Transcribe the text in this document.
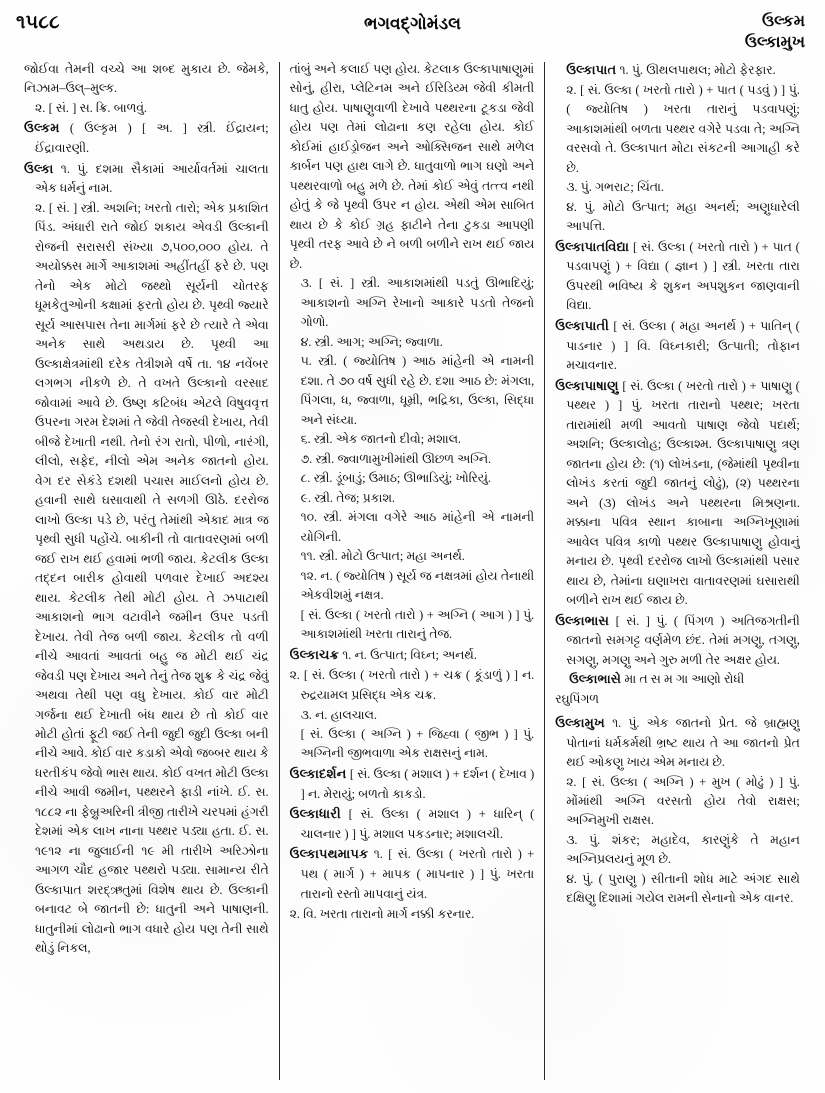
૧૫૮૮	ભગવદ્ગોમંડલ	ઉલ્કમ
ઉલ્કામુખ

જોઈવા તેમની વચ્ચે આ શબ્દ મુકાય છે. જેમકે, નિઝામ–ઉલ્‌–મુલ્ક.

૨. [ સં. ] સ. ક્રિ. બાળવું.

ઉલ્કમ ( ઉલ્કૃમ ) [ અ. ] સ્ત્રી. ઈંદ્રાયન; ઈંદ્રાવારણી.

ઉલ્કા ૧. પું. દશમા સૈકામાં આર્યાવર્તમાં ચાલતા એક ધર્મનું નામ.

૨. [ સં. ] સ્ત્રી. અશનિ; ખરતો તારો; એક પ્રકાશિત પિંડ. અંધારી રાતે જોઈ શકાય એવડી ઉલ્કાની રોજની સરાસરી સંખ્યા ૭,૫૦૦,૦૦૦ હોય. તે અયોક્કસ માર્ગે આકાશમાં અહીંતહીં ફરે છે. પણ તેનો એક મોટો જથ્થો સૂર્યની ચોતરફ ધૂમકેતુઓની કક્ષામાં ફરતો હોય છે. પૃથ્વી જ્યારે સૂર્ય આસપાસ તેના માર્ગમાં ફરે છે ત્યારે તે એવા અનેક સાથે અથડાય છે. પૃથ્વી આ ઉલ્કાક્ષેત્રમાંથી દરેક તેત્રીશમે વર્ષે તા. ૧૪ નવેંબર લગભગ નીકળે છે. તે વખતે ઉલ્કાનો વરસાદ જોવામાં આવે છે. ઉષ્ણ કટિબંધ એટલે વિષુવવૃત્ત ઉપરના ગરમ દેશમાં તે જેવી તેજસ્વી દેખાય, તેવી બીજે દેખાતી નથી. તેનો રંગ રાતો, પીળો, નારંગી, લીલો, સફેદ, નીલો એમ અનેક જાતનો હોય. વેગ દર સેકંડે દશથી પચાસ માઈલનો હોય છે. હવાની સાથે ઘસાવાથી તે સળગી ઊઠે. દરરોજ લાખો ઉલ્કા પડે છે, પરંતુ તેમાંથી એકાદ માત્ર જ પૃથ્વી સુધી પહોંચે. બાકીની તો વાતાવરણમાં બળી જઈ રાખ થઈ હવામાં ભળી જાય. કેટલીક ઉલ્કા તદ્દન બારીક હોવાથી પળવાર દેખાઈ અદશ્ય થાય. કેટલીક તેથી મોટી હોય. તે ઝપાટાથી આકાશનો ભાગ વટાવીને જમીન ઉપર પડતી દેખાય. તેવી તેજ બળી જાય. કેટલીક તો વળી નીચે આવતાં આવતાં બહુ જ મોટી થઈ ચંદ્ર જેવડી પણ દેખાય અને તેનું તેજ શુક્ર કે ચંદ્ર જેવું અથવા તેથી પણ વધુ દેખાય. કોઈ વાર મોટી ગર્જના થઈ દેખાતી બંધ થાય છે તો કોઈ વાર મોટી હોતાં ફૂટી જઈ તેની જુદી જુદી ઉલ્કા બની નીચે આવે. કોઈ વાર કડાકો એવો જબ્બર થાય કે ધરતીકંપ જેવો ભાસ થાય. કોઈ વખત મોટી ઉલ્કા નીચે આવી જમીન, પથ્થરને ફાડી નાંખે. ઈ. સ. ૧૮૮૨ ના ફેબ્રુઅરિની ત્રીજી તારીખે ચરપમાં હંગરી દેશમાં એક લાખ નાના પથ્થર પડ્યા હતા. ઈ. સ. ૧૯૧૨ ના જુલાઈની ૧૯ મી તારીખે અરિઝોના આગળ ચૌદ હજાર પથ્થરો પડ્યા. સામાન્ય રીતે ઉલ્કાપાત શરદ્ઋતુમાં વિશેષ થાય છે. ઉલ્કાની બનાવટ બે જાતની છે: ધાતુની અને પાષાણની. ધાતુનીમાં લોઢાનો ભાગ વધારે હોય પણ તેની સાથે થોડું નિકલ,

તાંબું અને કલાઈ પણ હોય. કેટલાક ઉલ્કાપાષાણુમાં સોનું, હીરા, પ્લેટિનમ અને ઈરિડિય્મ જેવી કીમતી ધાતુ હોય. પાષાણુવાળી દેખાવે પથ્થરના ટૂકડા જેવી હોય પણ તેમાં લોઢાના કણ રહેલા હોય. કોઈ કોઈમાં હાઈડ્રોજન અને ઓક્સિજન સાથે મળેલ કાર્બન પણ હાથ લાગે છે. ધાતુવાળો ભાગ ઘણો અને પથ્થરવાળો બહુ મળે છે. તેમાં કોઈ એવું તત્ત્વ નથી હોતું કે જે પૃથ્વી ઉપર ન હોય. એથી એમ સાબિત થાય છે કે કોઈ ગ્રહ ફાટીને તેના ટુકડા આપણી પૃથ્વી તરફ આવે છે ને બળી બળીને રાખ થઈ જાય છે.

૩. [ સં. ] સ્ત્રી. આકાશમાંથી પડતું ઊભાદિયું; આકાશનો અગ્નિ રેખાનો આકારે પડતો તેજનો ગોળો.

૪. સ્ત્રી. આગ; અગ્નિ; જ્વાળા.

૫. સ્ત્રી. ( જ્યોતિષ ) આઠ માંહેની એ નામની દશા. તે ૭૦ વર્ષ સુધી રહે છે. દશા આઠ છે: મંગલા, પિંગલા, ધ, જ્વાળા, ધૂમ્રી, ભદ્રિકા, ઉલ્કા, સિદ્ધા અને સંધ્યા.

૬. સ્ત્રી. એક જાતનો દીવો; મશાલ.

૭. સ્ત્રી. જ્વાળામુખીમાંથી ઊછળ અગ્નિ.

૮. સ્ત્રી. ડૂંબાડું; ઉમાઠ; ઊભાડિયું; ખોરિયું.

૯. સ્ત્રી. તેજ; પ્રકાશ.

૧૦. સ્ત્રી. મંગલા વગેરે આઠ માંહેની એ નામની યોગિની.

૧૧. સ્ત્રી. મોટો ઉત્પાત; મહા અનર્થ.

૧૨. ન. ( જ્યોતિષ ) સૂર્ય જ નક્ષત્રમાં હોય તેનાથી એકવીશમું નક્ષત્ર.

[ સં. ઉલ્કા ( ખરતો તારો ) + અગ્નિ ( આગ ) ] પું. આકાશમાંથી ખરતા તારાનું તેજ.

ઉલ્કાચક્ર ૧. ન. ઉત્પાત; વિઘ્ન; અનર્થ.

૨. [ સં. ઉલ્કા ( ખરતો તારો ) + ચક્ર ( કૂંડાળું ) ] ન. રુદ્રયામલ પ્રસિદ્ધ એક ચક્ર.

૩. ન. હાલચાલ.

[ સં. ઉલ્કા ( અગ્નિ ) + જિહ્વા ( જીભ ) ] પું. અગ્નિની જીભવાળા એક રાક્ષસનું નામ.

ઉલ્કાદર્શન [ સં. ઉલ્કા ( મશાલ ) + દર્શન ( દેખાવ ) ] ન. મેરાયું; બળતો કાકડો.

ઉલ્કાધારી [ સં. ઉલ્કા ( મશાલ ) + ધારિન્ ( ચાલનાર ) ] પું. મશાલ પકડનાર; મશાલચી.

ઉલ્કાપથમાપક ૧. [ સં. ઉલ્કા ( ખરતો તારો ) + પથ ( માર્ગ ) + માપક ( માપનાર ) ] પું. ખરતા તારાનો રસ્તો માપવાનું યંત્ર.

૨. વિ. ખરતા તારાનો માર્ગ નક્કી કરનાર.

ઉલ્કાપાત ૧. પું. ઊથલપાથલ; મોટો ફેરફાર.

૨. [ સં. ઉલ્કા ( ખરતો તારો ) + પાત ( પડવું ) ] પું. ( જ્યોતિષ ) ખરતા તારાનું પડવાપણું; આકાશમાંથી બળતા પથ્થર વગેરે પડવા તે; અગ્નિ વરસવો તે. ઉલ્કાપાત મોટા સંકટની આગાહી કરે છે.

૩. પું. ગભરાટ; ચિંતા.

૪. પું. મોટો ઉત્પાત; મહા અનર્થ; અણુધારેલી આપત્તિ.

ઉલ્કાપાતવિદ્યા [ સં. ઉલ્કા ( ખરતો તારો ) + પાત ( પડવાપણું ) + વિદ્યા ( જ્ઞાન ) ] સ્ત્રી. ખરતા તારા ઉપરથી ભવિષ્ય કે શુકન અપશુકન જાણવાની વિદ્યા.

ઉલ્કાપાતી [ સં. ઉલ્કા ( મહા અનર્થ ) + પાતિન્ ( પાડનાર ) ] વિ. વિઘ્નકારી; ઉત્પાતી; તોફાન મચાવનાર.

ઉલ્કાપાષાણુ [ સં. ઉલ્કા ( ખરતો તારો ) + પાષાણુ ( પથ્થર ) ] પું. ખરતા તારાનો પથ્થર; ખરતા તારામાંથી મળી આવતો પાષાણ જેવો પદાર્થ; અશનિ; ઉલ્કાલોહ; ઉલ્કાશ્મ. ઉલ્કાપાષાણુ ત્રણ જાતના હોય છે: (૧) લોખંડના, (જેમાંથી પૃથ્વીના લોખંડ કરતાં જુદી જાતનું લોઢું), (૨) પથ્થરના અને (૩) લોખંડ અને પથ્થરના મિશ્રણના. મક્કાના પવિત્ર સ્થાન કાબાના અગ્નિખૂણામાં આવેલ પવિત્ર કાળો પથ્થર ઉલ્કાપાષાણુ હોવાનું મનાય છે. પૃથ્વી દરરોજ લાખો ઉલ્કામાંથી પસાર થાય છે, તેમાંના ઘણાખરા વાતાવરણમાં ઘસારાથી બળીને રાખ થઈ જાય છે.

ઉલ્કાભાસ [ સં. ] પું. ( પિંગળ ) અતિજગતીની જાતનો સમગટ્ટ વર્ણમેળ છંદ. તેમાં મગણુ, તગણુ, સગણુ, મગણુ અને ગુરુ મળી તેર અક્ષર હોય.

ઉલ્કાભાસે મા ત સ મ ગા આણો રોધી

રઘુપિંગળ

ઉલ્કામુખ ૧. પું. એક જાતનો પ્રેત. જે બ્રાહ્મણુ પોતાનાં ધર્મકર્મથી ભ્રષ્ટ થાય તે આ જાતનો પ્રેત થઈ ઓકણુ ખાય એમ મનાય છે.

૨. [ સં. ઉલ્કા ( અગ્નિ ) + મુખ ( મોઢું ) ] પું. મોંમાંથી અગ્નિ વરસતો હોય તેવો રાક્ષસ; અગ્નિમુખી રાક્ષસ.

૩. પું. શંકર; મહાદેવ, કારણુંકે તે મહાન અગ્નિપ્રલયનું મૂળ છે.

૪. પું. ( પુરાણુ ) સીતાની શોધ માટે અંગદ સાથે દક્ષિણુ દિશામાં ગયેલ રામની સેનાનો એક વાનર.
